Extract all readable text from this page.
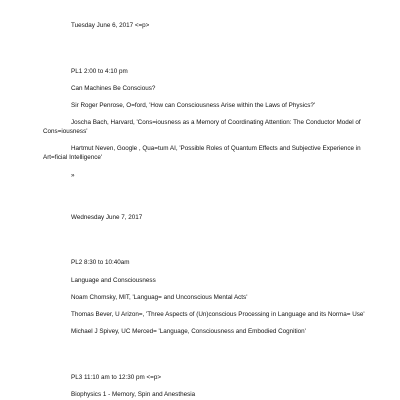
Tuesday June 6, 2017 <=p>
PL1 2:00 to 4:10 pm
Can Machines Be Conscious?
Sir Roger Penrose, O=ford, 'How can Consciousness Arise within the Laws of Physics?'
Joscha Bach, Harvard, 'Cons=iousness as a Memory of Coordinating Attention: The Conductor Model of
Cons=iousness'
Hartmut Neven, Google , Qua=tum AI, 'Possible Roles of Quantum Effects and Subjective Experience in
Art=ficial Intelligence'
»
Wednesday June 7, 2017
PL2 8:30 to 10:40am
Language and Consciousness
Noam Chomsky, MIT, 'Languag= and Unconscious Mental Acts'
Thomas Bever, U Arizon=, 'Three Aspects of (Un)conscious Processing in Language and its Norma= Use'
Michael J Spivey, UC Merced= 'Language, Consciousness and Embodied Cognition'
PL3 11:10 am to 12:30 pm <=p>
Biophysics 1 - Memory, Spin and Anesthesia
